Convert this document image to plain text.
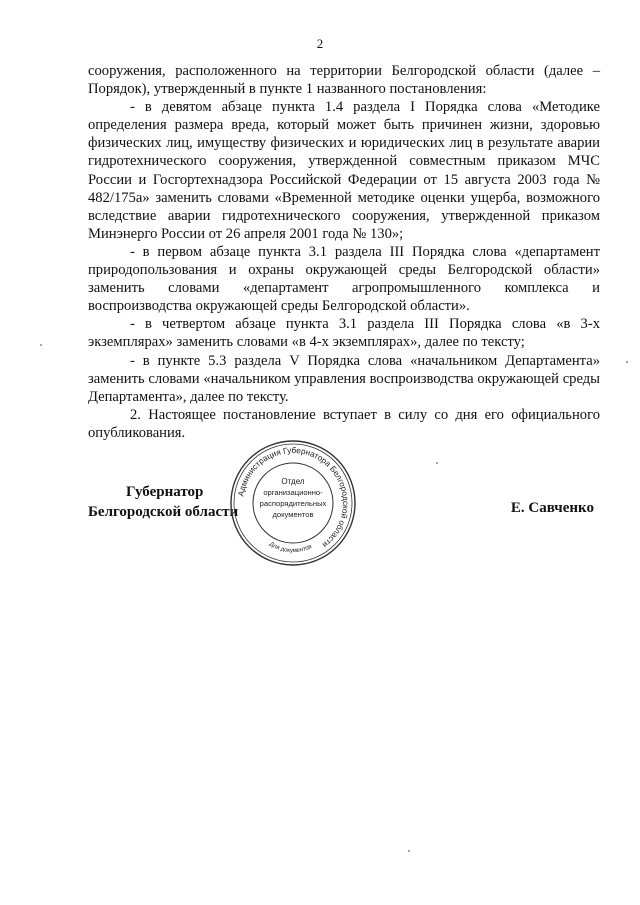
2

сооружения, расположенного на территории Белгородской области (далее – Порядок), утвержденный в пункте 1 названного постановления:

- в девятом абзаце пункта 1.4 раздела I Порядка слова «Методике определения размера вреда, который может быть причинен жизни, здоровью физических лиц, имуществу физических и юридических лиц в результате аварии гидротехнического сооружения, утвержденной совместным приказом МЧС России и Госгортехнадзора Российской Федерации от 15 августа 2003 года № 482/175а» заменить словами «Временной методике оценки ущерба, возможного вследствие аварии гидротехнического сооружения, утвержденной приказом Минэнерго России от 26 апреля 2001 года № 130»;

- в первом абзаце пункта 3.1 раздела III Порядка слова «департамент природопользования и охраны окружающей среды Белгородской области» заменить словами «департамент агропромышленного комплекса и воспроизводства окружающей среды Белгородской области».

- в четвертом абзаце пункта 3.1 раздела III Порядка слова «в 3-х экземплярах» заменить словами «в 4-х экземплярах», далее по тексту;

- в пункте 5.3 раздела V Порядка слова «начальником Департамента» заменить словами «начальником управления воспроизводства окружающей среды Департамента», далее по тексту.

2. Настоящее постановление вступает в силу со дня его официального опубликования.

Губернатор
Белгородской области
Администрация Губернатора Белгородской области
Отдел
организационно-
распорядительных
документов
Для документов
Е. Савченко
